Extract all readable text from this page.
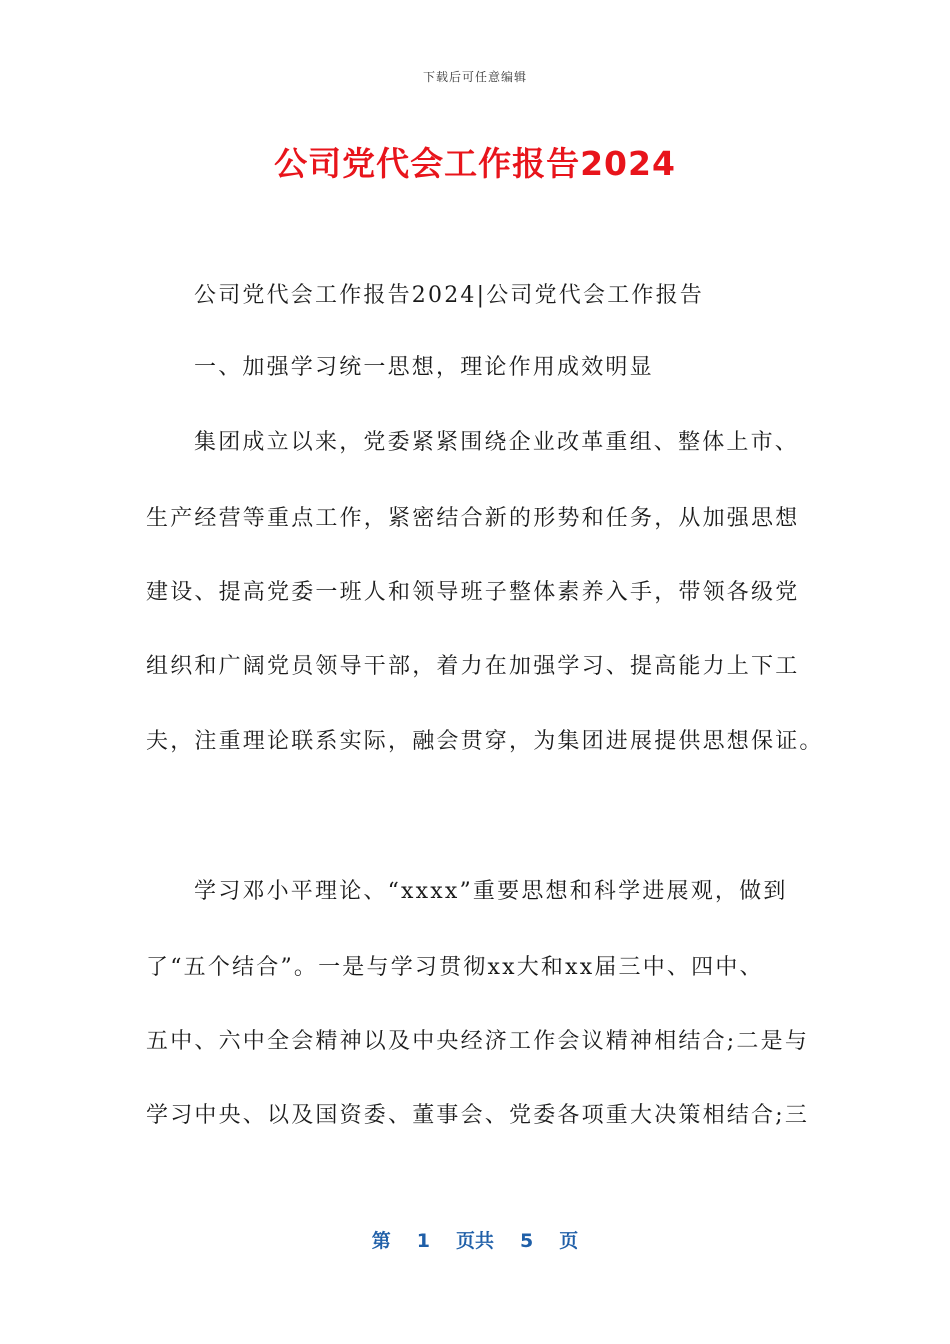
下载后可任意编辑
公司党代会工作报告2024
公司党代会工作报告2024|公司党代会工作报告
一、加强学习统一思想，理论作用成效明显
集团成立以来，党委紧紧围绕企业改革重组、整体上市、
生产经营等重点工作，紧密结合新的形势和任务，从加强思想
建设、提高党委一班人和领导班子整体素养入手，带领各级党
组织和广阔党员领导干部，着力在加强学习、提高能力上下工
夫，注重理论联系实际，融会贯穿，为集团进展提供思想保证。
学习邓小平理论、“xxxx”重要思想和科学进展观，做到
了“五个结合”。一是与学习贯彻xx大和xx届三中、四中、
五中、六中全会精神以及中央经济工作会议精神相结合;二是与
学习中央、以及国资委、董事会、党委各项重大决策相结合;三
第 1 页共 5 页
